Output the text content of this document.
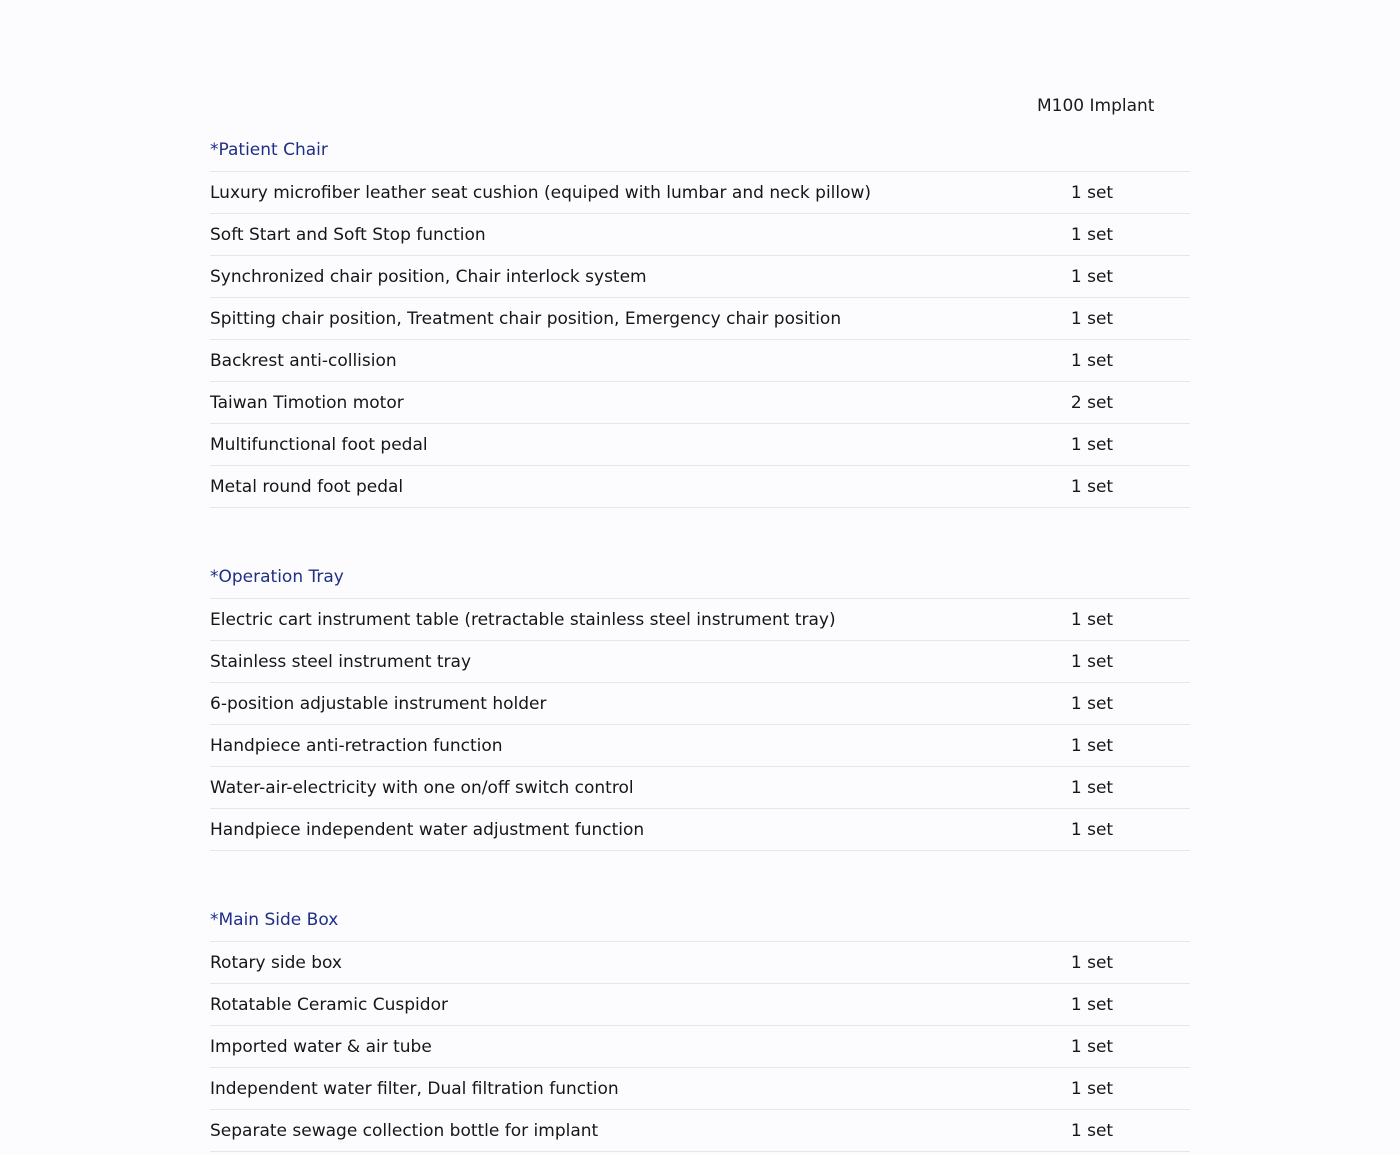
M100 Implant
*Patient Chair
Luxury microfiber leather seat cushion (equiped with lumbar and neck pillow)	1 set
Soft Start and Soft Stop function	1 set
Synchronized chair position, Chair interlock system	1 set
Spitting chair position, Treatment chair position, Emergency chair position	1 set
Backrest anti-collision	1 set
Taiwan Timotion motor	2 set
Multifunctional foot pedal	1 set
Metal round foot pedal	1 set
*Operation Tray
Electric cart instrument table (retractable stainless steel instrument tray)	1 set
Stainless steel instrument tray	1 set
6-position adjustable instrument holder	1 set
Handpiece anti-retraction function	1 set
Water-air-electricity with one on/off switch control	1 set
Handpiece independent water adjustment function	1 set
*Main Side Box
Rotary side box	1 set
Rotatable Ceramic Cuspidor	1 set
Imported water & air tube	1 set
Independent water filter, Dual filtration function	1 set
Separate sewage collection bottle for implant	1 set
